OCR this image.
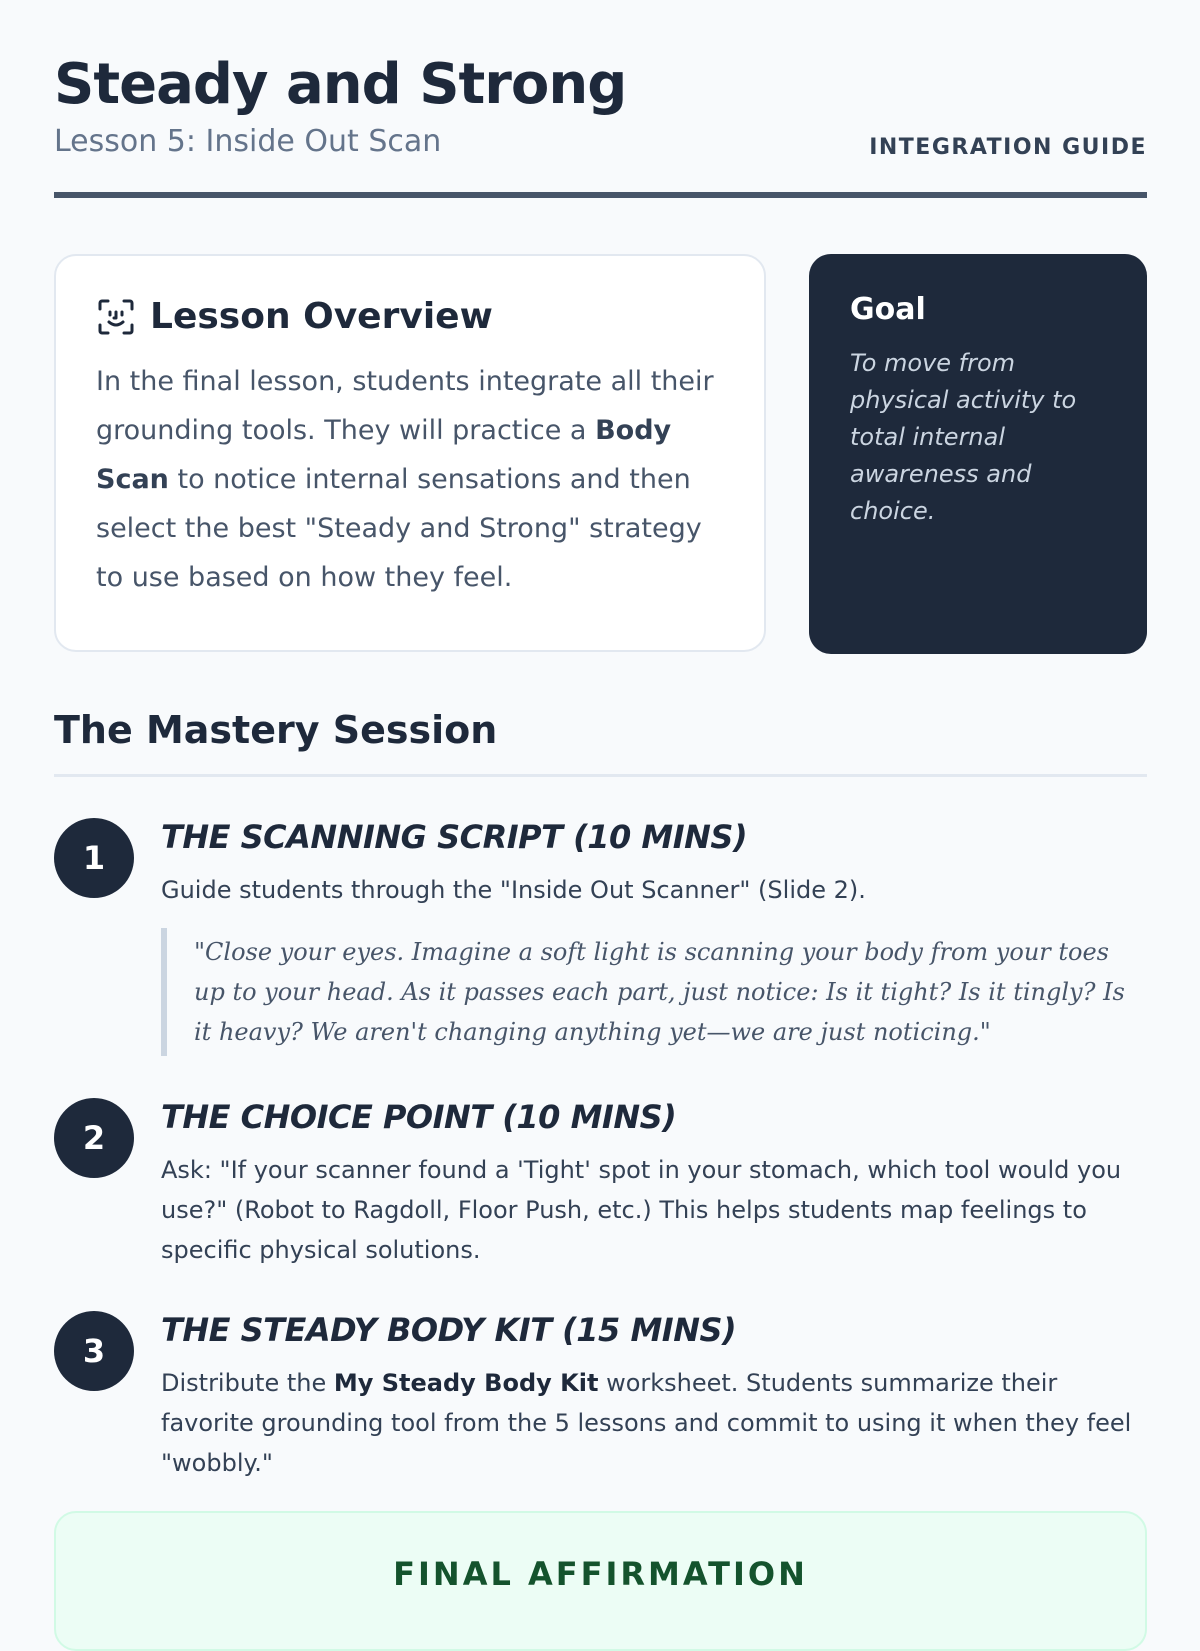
Steady and Strong
Lesson 5: Inside Out Scan	INTEGRATION GUIDE
Lesson Overview

In the final lesson, students integrate all their grounding tools. They will practice a Body Scan to notice internal sensations and then select the best "Steady and Strong" strategy to use based on how they feel.

Goal

To move from physical activity to total internal awareness and choice.

The Mastery Session
1
THE SCANNING SCRIPT (10 MINS)

Guide students through the "Inside Out Scanner" (Slide 2).

"Close your eyes. Imagine a soft light is scanning your body from your toes up to your head. As it passes each part, just notice: Is it tight? Is it tingly? Is it heavy? We aren't changing anything yet—we are just noticing."
2
THE CHOICE POINT (10 MINS)

Ask: "If your scanner found a 'Tight' spot in your stomach, which tool would you use?" (Robot to Ragdoll, Floor Push, etc.) This helps students map feelings to specific physical solutions.

3
THE STEADY BODY KIT (15 MINS)

Distribute the My Steady Body Kit worksheet. Students summarize their favorite grounding tool from the 5 lessons and commit to using it when they feel "wobbly."

FINAL AFFIRMATION
